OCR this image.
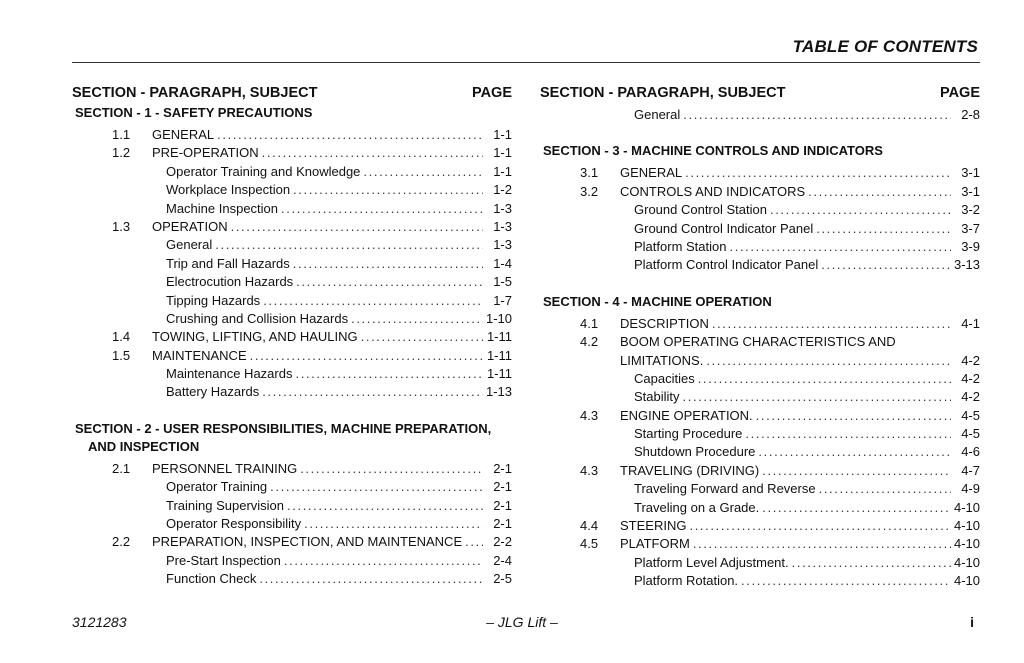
TABLE OF CONTENTS
SECTION - PARAGRAPH, SUBJECT	PAGE
SECTION - 1 - SAFETY PRECAUTIONS
1.1	GENERAL . . .	1-1
1.2	PRE-OPERATION . . .	1-1
Operator Training and Knowledge . . .	1-1
Workplace Inspection . . .	1-2
Machine Inspection . . .	1-3
1.3	OPERATION . . .	1-3
General . . .	1-3
Trip and Fall Hazards . . .	1-4
Electrocution Hazards . . .	1-5
Tipping Hazards . . .	1-7
Crushing and Collision Hazards . . .	1-10
1.4	TOWING, LIFTING, AND HAULING . . .	1-11
1.5	MAINTENANCE . . .	1-11
Maintenance Hazards . . .	1-11
Battery Hazards . . .	1-13
SECTION - 2 - USER RESPONSIBILITIES, MACHINE PREPARATION,
AND INSPECTION
2.1	PERSONNEL TRAINING . . .	2-1
Operator Training . . .	2-1
Training Supervision . . .	2-1
Operator Responsibility . . .	2-1
2.2	PREPARATION, INSPECTION, AND MAINTENANCE . . .	2-2
Pre-Start Inspection . . .	2-4
Function Check . . .	2-5
SECTION - PARAGRAPH, SUBJECT	PAGE
General . . .	2-8
SECTION - 3 - MACHINE CONTROLS AND INDICATORS
3.1	GENERAL . . .	3-1
3.2	CONTROLS AND INDICATORS . . .	3-1
Ground Control Station . . .	3-2
Ground Control Indicator Panel . . .	3-7
Platform Station . . .	3-9
Platform Control Indicator Panel . . .	3-13
SECTION - 4 - MACHINE OPERATION
4.1	DESCRIPTION . . .	4-1
4.2	BOOM OPERATING CHARACTERISTICS AND
LIMITATIONS. . . .	4-2
Capacities . . .	4-2
Stability . . .	4-2
4.3	ENGINE OPERATION. . . .	4-5
Starting Procedure . . .	4-5
Shutdown Procedure . . .	4-6
4.3	TRAVELING (DRIVING) . . .	4-7
Traveling Forward and Reverse . . .	4-9
Traveling on a Grade. . . .	4-10
4.4	STEERING . . .	4-10
4.5	PLATFORM . . .	4-10
Platform Level Adjustment. . . .	4-10
Platform Rotation. . . .	4-10
3121283	– JLG Lift –	i
